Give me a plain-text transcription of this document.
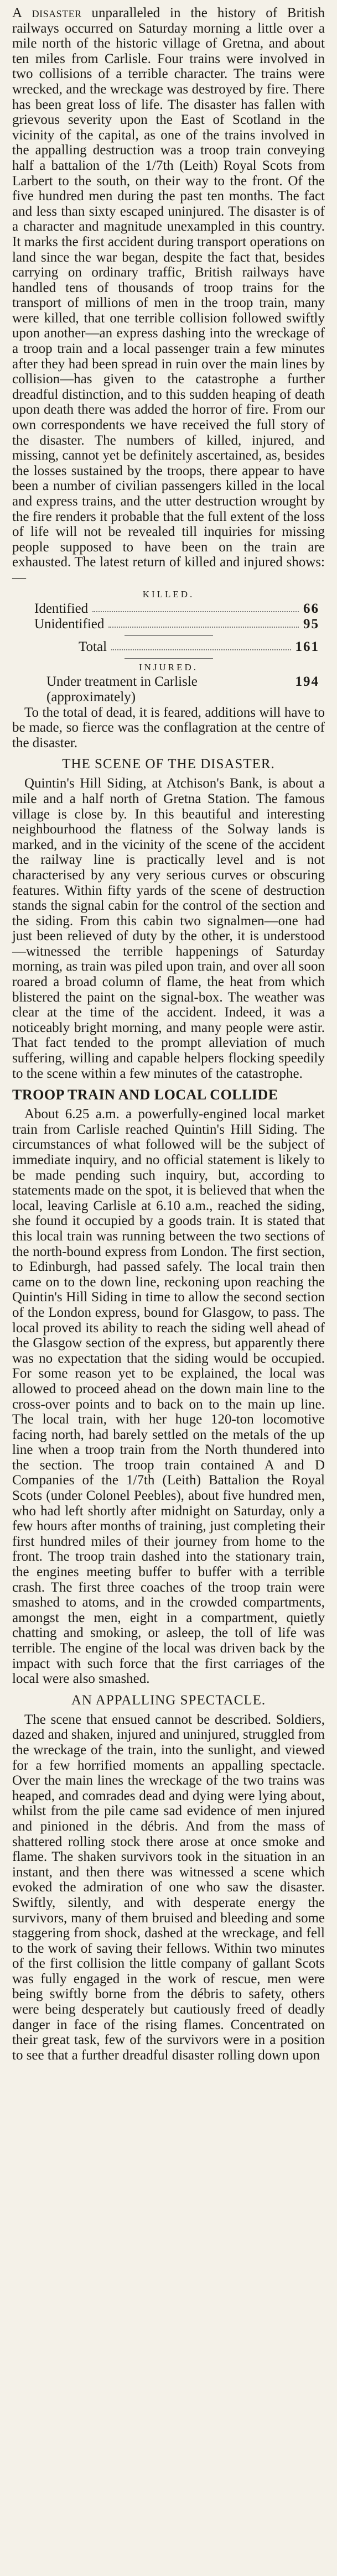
A disaster unparalleled in the history of British railways occurred on Saturday morning a little over a mile north of the historic village of Gretna, and about ten miles from Carlisle. Four trains were involved in two collisions of a terrible character. The trains were wrecked, and the wreckage was destroyed by fire. There has been great loss of life. The disaster has fallen with grievous severity upon the East of Scotland in the vicinity of the capital, as one of the trains involved in the appalling destruction was a troop train conveying half a battalion of the 1/7th (Leith) Royal Scots from Larbert to the south, on their way to the front. Of the five hundred men during the past ten months. The fact and less than sixty escaped uninjured. The disaster is of a character and magnitude unexampled in this country. It marks the first accident during transport operations on land since the war began, despite the fact that, besides carrying on ordinary traffic, British railways have handled tens of thousands of troop trains for the transport of millions of men in the troop train, many were killed, that one terrible collision followed swiftly upon another—an express dashing into the wreckage of a troop train and a local passenger train a few minutes after they had been spread in ruin over the main lines by collision—has given to the catastrophe a further dreadful distinction, and to this sudden heaping of death upon death there was added the horror of fire. From our own correspondents we have received the full story of the disaster. The numbers of killed, injured, and missing, cannot yet be definitely ascertained, as, besides the losses sustained by the troops, there appear to have been a number of civilian passengers killed in the local and express trains, and the utter destruction wrought by the fire renders it probable that the full extent of the loss of life will not be revealed till inquiries for missing people supposed to have been on the train are exhausted. The latest return of killed and injured shows:—

KILLED.
Identified	66
Unidentified	95
Total	161
INJURED.
Under treatment in Carlisle (approximately)
194

To the total of dead, it is feared, additions will have to be made, so fierce was the conflagration at the centre of the disaster.

THE SCENE OF THE DISASTER.

Quintin's Hill Siding, at Atchison's Bank, is about a mile and a half north of Gretna Station. The famous village is close by. In this beautiful and interesting neighbourhood the flatness of the Solway lands is marked, and in the vicinity of the scene of the accident the railway line is practically level and is not characterised by any very serious curves or obscuring features. Within fifty yards of the scene of destruction stands the signal cabin for the control of the section and the siding. From this cabin two signalmen—one had just been relieved of duty by the other, it is understood—witnessed the terrible happenings of Saturday morning, as train was piled upon train, and over all soon roared a broad column of flame, the heat from which blistered the paint on the signal-box. The weather was clear at the time of the accident. Indeed, it was a noticeably bright morning, and many people were astir. That fact tended to the prompt alleviation of much suffering, willing and capable helpers flocking speedily to the scene within a few minutes of the catastrophe.

TROOP TRAIN AND LOCAL COLLIDE

About 6.25 a.m. a powerfully-engined local market train from Carlisle reached Quintin's Hill Siding. The circumstances of what followed will be the subject of immediate inquiry, and no official statement is likely to be made pending such inquiry, but, according to statements made on the spot, it is believed that when the local, leaving Carlisle at 6.10 a.m., reached the siding, she found it occupied by a goods train. It is stated that this local train was running between the two sections of the north-bound express from London. The first section, to Edinburgh, had passed safely. The local train then came on to the down line, reckoning upon reaching the Quintin's Hill Siding in time to allow the second section of the London express, bound for Glasgow, to pass. The local proved its ability to reach the siding well ahead of the Glasgow section of the express, but apparently there was no expectation that the siding would be occupied. For some reason yet to be explained, the local was allowed to proceed ahead on the down main line to the cross-over points and to back on to the main up line. The local train, with her huge 120-ton locomotive facing north, had barely settled on the metals of the up line when a troop train from the North thundered into the section. The troop train contained A and D Companies of the 1/7th (Leith) Battalion the Royal Scots (under Colonel Peebles), about five hundred men, who had left shortly after midnight on Saturday, only a few hours after months of training, just completing their first hundred miles of their journey from home to the front. The troop train dashed into the stationary train, the engines meeting buffer to buffer with a terrible crash. The first three coaches of the troop train were smashed to atoms, and in the crowded compartments, amongst the men, eight in a compartment, quietly chatting and smoking, or asleep, the toll of life was terrible. The engine of the local was driven back by the impact with such force that the first carriages of the local were also smashed.

AN APPALLING SPECTACLE.

The scene that ensued cannot be described. Soldiers, dazed and shaken, injured and uninjured, struggled from the wreckage of the train, into the sunlight, and viewed for a few horrified moments an appalling spectacle. Over the main lines the wreckage of the two trains was heaped, and comrades dead and dying were lying about, whilst from the pile came sad evidence of men injured and pinioned in the débris. And from the mass of shattered rolling stock there arose at once smoke and flame. The shaken survivors took in the situation in an instant, and then there was witnessed a scene which evoked the admiration of one who saw the disaster. Swiftly, silently, and with desperate energy the survivors, many of them bruised and bleeding and some staggering from shock, dashed at the wreckage, and fell to the work of saving their fellows. Within two minutes of the first collision the little company of gallant Scots was fully engaged in the work of rescue, men were being swiftly borne from the débris to safety, others were being desperately but cautiously freed of deadly danger in face of the rising flames. Concentrated on their great task, few of the survivors were in a position to see that a further dreadful disaster rolling down upon
